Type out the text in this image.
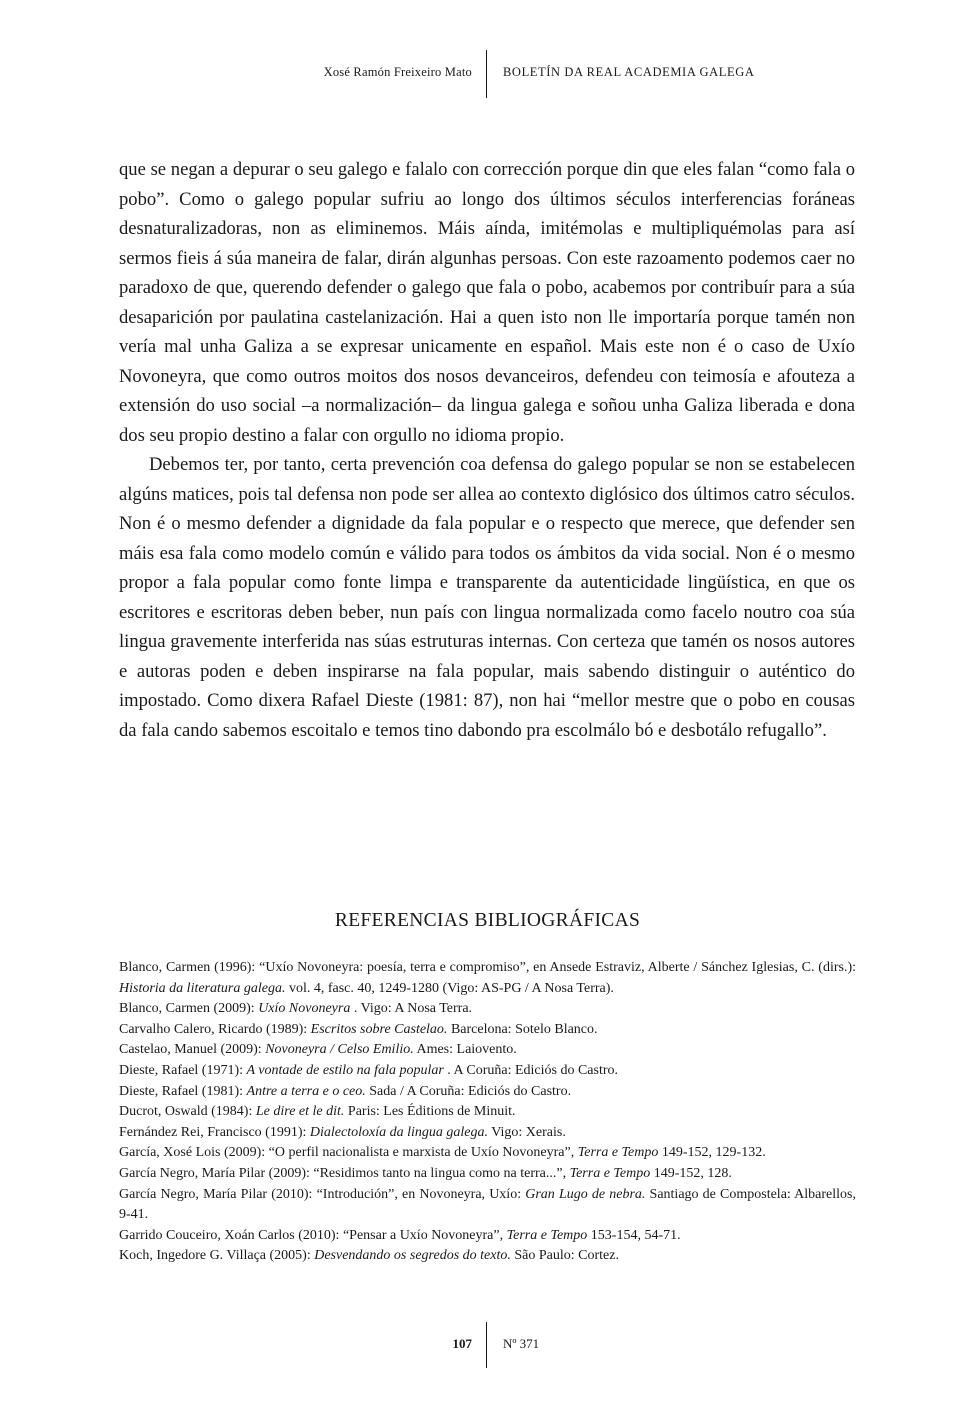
Xosé Ramón Freixeiro Mato BOLETÍN DA REAL ACADEMIA GALEGA

que se negan a depurar o seu galego e falalo con corrección porque din que eles falan “como fala o pobo”. Como o galego popular sufriu ao longo dos últimos séculos interferencias foráneas desnaturalizadoras, non as eliminemos. Máis aínda, imitémolas e multipliquémolas para así sermos fieis á súa maneira de falar, dirán algunhas persoas. Con este razoamento podemos caer no paradoxo de que, querendo defender o galego que fala o pobo, acabemos por contribuír para a súa desaparición por paulatina castelanización. Hai a quen isto non lle importaría porque tamén non vería mal unha Galiza a se expresar unicamente en español. Mais este non é o caso de Uxío Novoneyra, que como outros moitos dos nosos devanceiros, defendeu con teimosía e afouteza a extensión do uso social –a normalización– da lingua galega e soñou unha Galiza liberada e dona dos seu propio destino a falar con orgullo no idioma propio.

Debemos ter, por tanto, certa prevención coa defensa do galego popular se non se estabelecen algúns matices, pois tal defensa non pode ser allea ao contexto diglósico dos últimos catro séculos. Non é o mesmo defender a dignidade da fala popular e o respecto que merece, que defender sen máis esa fala como modelo común e válido para todos os ámbitos da vida social. Non é o mesmo propor a fala popular como fonte limpa e transparente da autenticidade lingüística, en que os escritores e escritoras deben beber, nun país con lingua normalizada como facelo noutro coa súa lingua gravemente interferida nas súas estruturas internas. Con certeza que tamén os nosos autores e autoras poden e deben inspirarse na fala popular, mais sabendo distinguir o auténtico do impostado. Como dixera Rafael Dieste (1981: 87), non hai “mellor mestre que o pobo en cousas da fala cando sabemos escoitalo e temos tino dabondo pra escolmálo bó e desbotálo refugallo”.

REFERENCIAS BIBLIOGRÁFICAS

Blanco, Carmen (1996): “Uxío Novoneyra: poesía, terra e compromiso”, en Ansede Estraviz, Alberte / Sánchez Iglesias, C. (dirs.): Historia da literatura galega. vol. 4, fasc. 40, 1249-1280 (Vigo: AS-PG / A Nosa Terra).

Blanco, Carmen (2009): Uxío Novoneyra . Vigo: A Nosa Terra.

Carvalho Calero, Ricardo (1989): Escritos sobre Castelao. Barcelona: Sotelo Blanco.

Castelao, Manuel (2009): Novoneyra / Celso Emilio. Ames: Laiovento.

Dieste, Rafael (1971): A vontade de estilo na fala popular . A Coruña: Ediciós do Castro.

Dieste, Rafael (1981): Antre a terra e o ceo. Sada / A Coruña: Ediciós do Castro.

Ducrot, Oswald (1984): Le dire et le dit. Paris: Les Éditions de Minuit.

Fernández Rei, Francisco (1991): Dialectoloxía da lingua galega. Vigo: Xerais.

García, Xosé Lois (2009): “O perfil nacionalista e marxista de Uxío Novoneyra”, Terra e Tempo 149-152, 129-132.

García Negro, María Pilar (2009): “Residimos tanto na lingua como na terra...”, Terra e Tempo 149-152, 128.

García Negro, María Pilar (2010): “Introdución”, en Novoneyra, Uxío: Gran Lugo de nebra. Santiago de Compostela: Albarellos, 9-41.

Garrido Couceiro, Xoán Carlos (2010): “Pensar a Uxío Novoneyra”, Terra e Tempo 153-154, 54-71.

Koch, Ingedore G. Villaça (2005): Desvendando os segredos do texto. São Paulo: Cortez.

107 Nº 371
